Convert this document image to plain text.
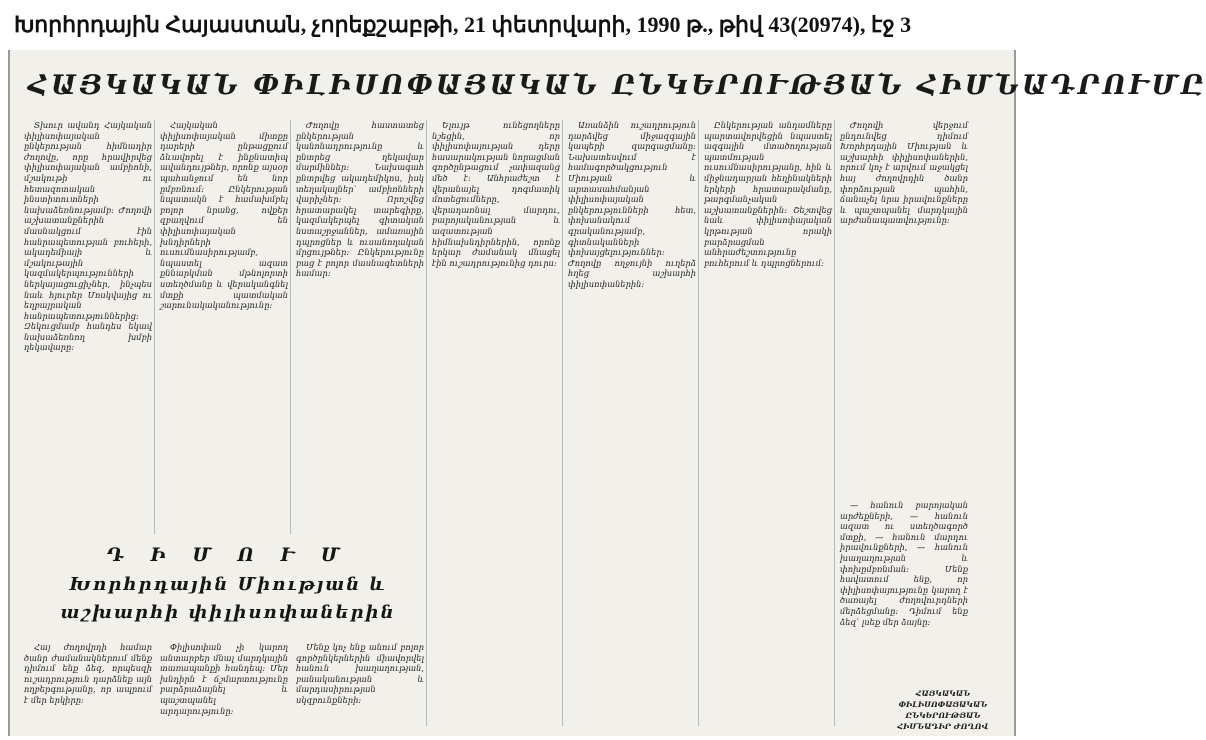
Խորհրդային Հայաստան, չորեքշաբթի, 21 փետրվարի, 1990 թ., թիվ 43(20974), էջ 3
ՀԱՅԿԱԿԱՆ ՓԻԼԻՍՈՓԱՅԱԿԱՆ ԸՆԿԵՐՈՒԹՅԱՆ ՀԻՄՆԱԴՐՈՒՄԸ

Տխուր ավանդ Հայկական փիլիսոփայական ընկերության հիմնադիր ժողովը, որը հրավիրվեց փիլիսոփայական ամբիոնի, մշակութի ու հետազոտական ինստիտուտների նախաձեռնությամբ։ Ժողովի աշխատանքներին մասնակցում էին հանրապետության բուհերի, ակադեմիայի և մշակութային կազմակերպությունների ներկայացուցիչներ, ինչպես նաև հյուրեր Մոսկվայից ու եղբայրական հանրապետություններից։ Զեկուցմամբ հանդես եկավ նախաձեռնող խմբի ղեկավարը։

Հայկական փիլիսոփայական միտքը դարերի ընթացքում ձևավորել է ինքնատիպ ավանդույթներ, որոնք այսօր պահանջում են նոր ըմբռնում։ Ընկերության նպատակն է համախմբել բոլոր նրանց, ովքեր զբաղվում են փիլիսոփայական խնդիրների ուսումնասիրությամբ, նպաստել ազատ քննարկման մթնոլորտի ստեղծմանը և վերականգնել մտքի պատմական շարունակականությունը։

Ժողովը հաստատեց ընկերության կանոնադրությունը և ընտրեց ղեկավար մարմիններ։ Նախագահ ընտրվեց ակադեմիկոս, իսկ տեղակալներ՝ ամբիոնների վարիչներ։ Որոշվեց հրատարակել տարեգիրք, կազմակերպել գիտական նստաշրջաններ, ամառային դպրոցներ և ուսանողական մրցույթներ։ Ընկերությունը բաց է բոլոր մասնագետների համար։

Ելույթ ունեցողները նշեցին, որ փիլիսոփայության դերը հասարակության նորացման գործընթացում չափազանց մեծ է։ Անհրաժեշտ է վերանայել դոգմատիկ մոտեցումները, վերադառնալ մարդու, բարոյականության և ազատության հիմնախնդիրներին, որոնք երկար ժամանակ մնացել էին ուշադրությունից դուրս։

Առանձին ուշադրություն դարձվեց միջազգային կապերի զարգացմանը։ Նախատեսվում է համագործակցություն Միության և արտասահմանյան փիլիսոփայական ընկերությունների հետ, փոխանակում գրականությամբ, գիտնականների փոխայցելություններ։ Ժողովը ողջույնի ուղերձ հղեց աշխարհի փիլիսոփաներին։

Ընկերության անդամները պարտավորվեցին նպաստել ազգային մտածողության պատմության ուսումնասիրությանը, հին և միջնադարյան հեղինակների երկերի հրատարակմանը, թարգմանչական աշխատանքներին։ Շեշտվեց նաև փիլիսոփայական կրթության որակի բարձրացման անհրաժեշտությունը բուհերում և դպրոցներում։

Ժողովի վերջում ընդունվեց դիմում Խորհրդային Միության և աշխարհի փիլիսոփաներին, որում կոչ է արվում աջակցել հայ ժողովրդին ծանր փորձության պահին, ճանաչել նրա իրավունքները և պաշտպանել մարդկային արժանապատվությունը։

Դ Ի Մ Ո Ւ Մ
Խորհրդային Միության և
աշխարհի փիլիսոփաներին

Հայ ժողովրդի համար ծանր ժամանակներում մենք դիմում ենք ձեզ, որպեսզի ուշադրություն դարձնեք այն ողբերգությանը, որ ապրում է մեր երկիրը։

Փիլիսոփան չի կարող անտարբեր մնալ մարդկային տառապանքի հանդեպ։ Մեր խնդիրն է ճշմարտությունը բարձրաձայնել և պաշտպանել արդարությունը։

Մենք կոչ ենք անում բոլոր գործընկերներին միավորվել հանուն խաղաղության, բանականության և մարդասիրության սկզբունքների։

— հանուն բարոյական արժեքների, — հանուն ազատ ու ստեղծագործ մտքի, — հանուն մարդու իրավունքների, — հանուն խաղաղության և փոխըմբռնման։ Մենք հավատում ենք, որ փիլիսոփայությունը կարող է ծառայել ժողովուրդների մերձեցմանը։ Դիմում ենք ձեզ՝ լսեք մեր ձայնը։

ՀԱՅԿԱԿԱՆ
ՓԻԼԻՍՈՓԱՅԱԿԱՆ
ԸՆԿԵՐՈՒԹՅԱՆ
ՀԻՄՆԱԴԻՐ ԺՈՂՈՎ
